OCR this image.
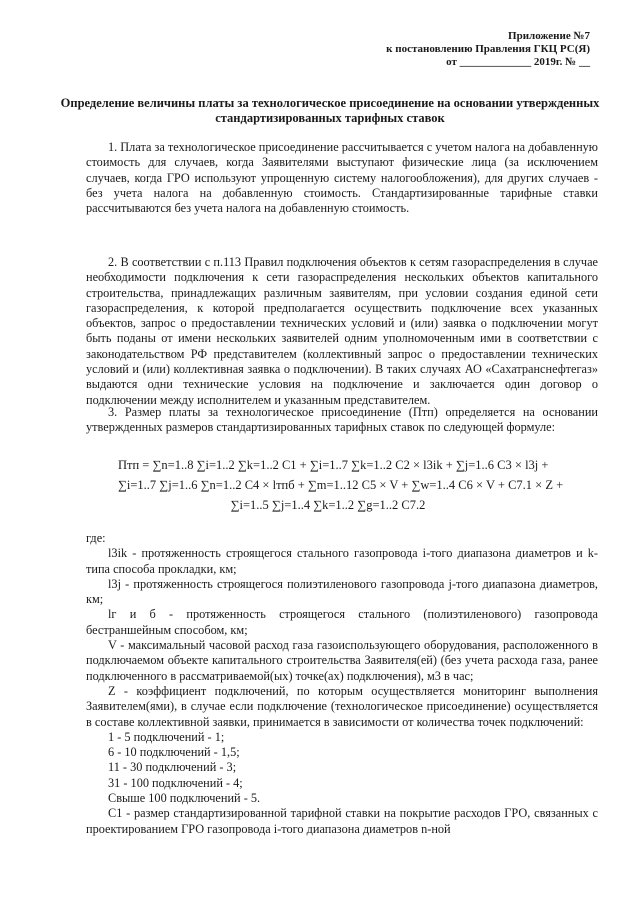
Приложение №7
к постановлению Правления ГКЦ РС(Я)
от _____________ 2019г. № __
Определение величины платы за технологическое присоединение на основании утвержденных стандартизированных тарифных ставок
1. Плата за технологическое присоединение рассчитывается с учетом налога на добавленную стоимость для случаев, когда Заявителями выступают физические лица (за исключением случаев, когда ГРО используют упрощенную систему налогообложения), для других случаев - без учета налога на добавленную стоимость. Стандартизированные тарифные ставки рассчитываются без учета налога на добавленную стоимость.
2. В соответствии с п.113 Правил подключения объектов к сетям газораспределения в случае необходимости подключения к сети газораспределения нескольких объектов капитального строительства, принадлежащих различным заявителям, при условии создания единой сети газораспределения, к которой предполагается осуществить подключение всех указанных объектов, запрос о предоставлении технических условий и (или) заявка о подключении могут быть поданы от имени нескольких заявителей одним уполномоченным ими в соответствии с законодательством РФ представителем (коллективный запрос о предоставлении технических условий и (или) коллективная заявка о подключении). В таких случаях АО «Сахатранснефтегаз» выдаются одни технические условия на подключение и заключается один договор о подключении между исполнителем и указанным представителем.
3. Размер платы за технологическое присоединение (Птп) определяется на основании утвержденных размеров стандартизированных тарифных ставок по следующей формуле:
Птп = ∑n=1..8 ∑i=1..2 ∑k=1..2 C1 + ∑i=1..7 ∑k=1..2 C2 × l3ik + ∑j=1..6 C3 × l3j +
∑i=1..7 ∑j=1..6 ∑n=1..2 C4 × lтпб + ∑m=1..12 C5 × V + ∑w=1..4 C6 × V + C7.1 × Z +
∑i=1..5 ∑j=1..4 ∑k=1..2 ∑g=1..2 C7.2

где:

l3ik - протяженность строящегося стального газопровода i-того диапазона диаметров и k-типа способа прокладки, км;

l3j - протяженность строящегося полиэтиленового газопровода j-того диапазона диаметров, км;

lг и б - протяженность строящегося стального (полиэтиленового) газопровода бестраншейным способом, км;

V - максимальный часовой расход газа газоиспользующего оборудования, расположенного в подключаемом объекте капитального строительства Заявителя(ей) (без учета расхода газа, ранее подключенного в рассматриваемой(ых) точке(ах) подключения), м3 в час;

Z - коэффициент подключений, по которым осуществляется мониторинг выполнения Заявителем(ями), в случае если подключение (технологическое присоединение) осуществляется в составе коллективной заявки, принимается в зависимости от количества точек подключений:

1 - 5 подключений - 1;
6 - 10 подключений - 1,5;
11 - 30 подключений - 3;
31 - 100 подключений - 4;
Свыше 100 подключений - 5.

С1 - размер стандартизированной тарифной ставки на покрытие расходов ГРО, связанных с проектированием ГРО газопровода i-того диапазона диаметров n-ной
